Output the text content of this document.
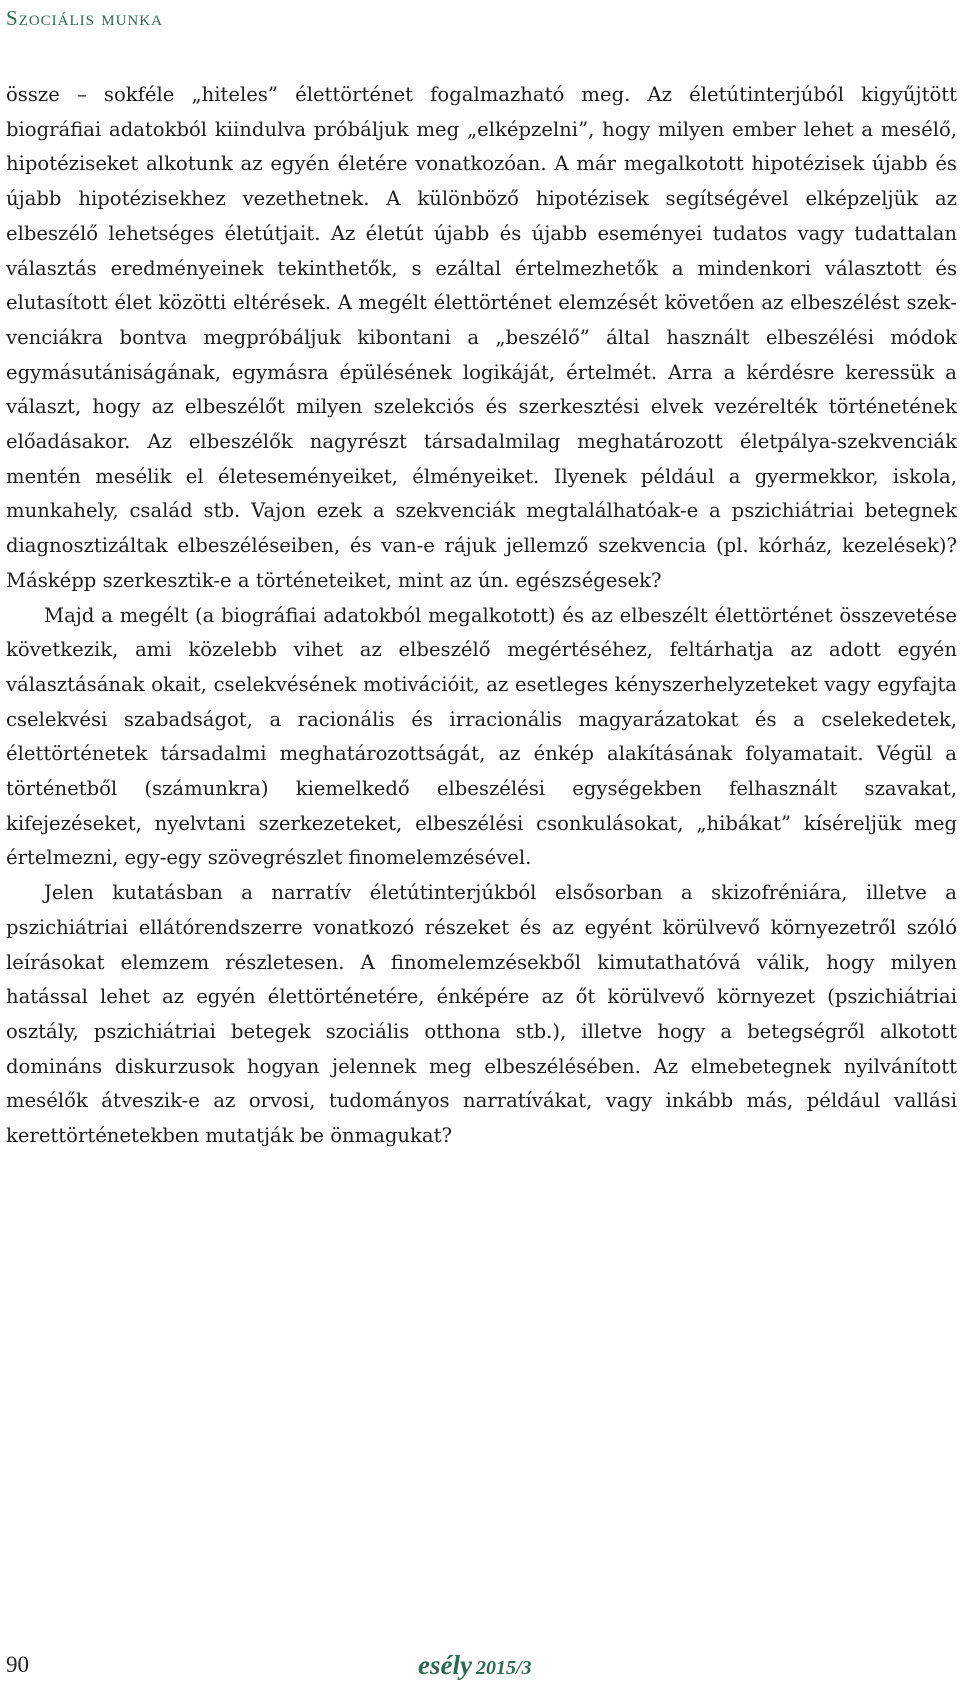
Szociális munka

össze – sokféle „hiteles” élettörténet fogalmazható meg. Az életútinterjúból kigyűjtött biográfiai adatokból kiindulva próbáljuk meg „elképzelni”, hogy milyen ember lehet a mesélő, hipotéziseket alkotunk az egyén életére vonatkozóan. A már megalkotott hipotézisek újabb és újabb hipotézisekhez vezethetnek. A különböző hipotézisek segítségével elképzeljük az elbeszélő lehetséges életútjait. Az életút újabb és újabb eseményei tudatos vagy tudattalan választás eredményeinek tekinthetők, s ezáltal értelmezhetők a mindenkori választott és elutasított élet közötti eltérések. A megélt élettörténet elemzését követően az elbeszélést szekvenciákra bontva megpróbáljuk kibontani a „beszélő” által használt elbeszélési módok egymásutániságának, egymásra épülésének logikáját, értelmét. Arra a kérdésre keressük a választ, hogy az elbeszélőt milyen szelekciós és szerkesztési elvek vezérelték történetének előadásakor. Az elbeszélők nagyrészt társadalmilag meghatározott életpálya-szekvenciák mentén mesélik el életeseményeiket, élményeiket. Ilyenek például a gyermekkor, iskola, munkahely, család stb. Vajon ezek a szekvenciák megtalálhatóak-e a pszichiátriai betegnek diagnosztizáltak elbeszéléseiben, és van-e rájuk jellemző szekvencia (pl. kórház, kezelések)? Másképp szerkesztik-e a történeteiket, mint az ún. egészségesek?

Majd a megélt (a biográfiai adatokból megalkotott) és az elbeszélt élettörténet összevetése következik, ami közelebb vihet az elbeszélő megértéséhez, feltárhatja az adott egyén választásának okait, cselekvésének motivációit, az esetleges kényszerhelyzeteket vagy egyfajta cselekvési szabadságot, a racionális és irracionális magyarázatokat és a cselekedetek, élettörténetek társadalmi meghatározottságát, az énkép alakításának folyamatait. Végül a történetből (számunkra) kiemelkedő elbeszélési egységekben felhasznált szavakat, kifejezéseket, nyelvtani szerkezeteket, elbeszélési csonkulásokat, „hibákat” kíséreljük meg értelmezni, egy-egy szövegrészlet finomelemzésével.

Jelen kutatásban a narratív életútinterjúkból elsősorban a skizofréniára, illetve a pszichiátriai ellátórendszerre vonatkozó részeket és az egyént körülvevő környezetről szóló leírásokat elemzem részletesen. A finomelemzésekből kimutathatóvá válik, hogy milyen hatással lehet az egyén élettörténetére, énképére az őt körülvevő környezet (pszichiátriai osztály, pszichiátriai betegek szociális otthona stb.), illetve hogy a betegségről alkotott domináns diskurzusok hogyan jelennek meg elbeszélésében. Az elmebetegnek nyilvánított mesélők átveszik-e az orvosi, tudományos narratívákat, vagy inkább más, például vallási kerettörténetekben mutatják be önmagukat?

90	esély 2015/3
